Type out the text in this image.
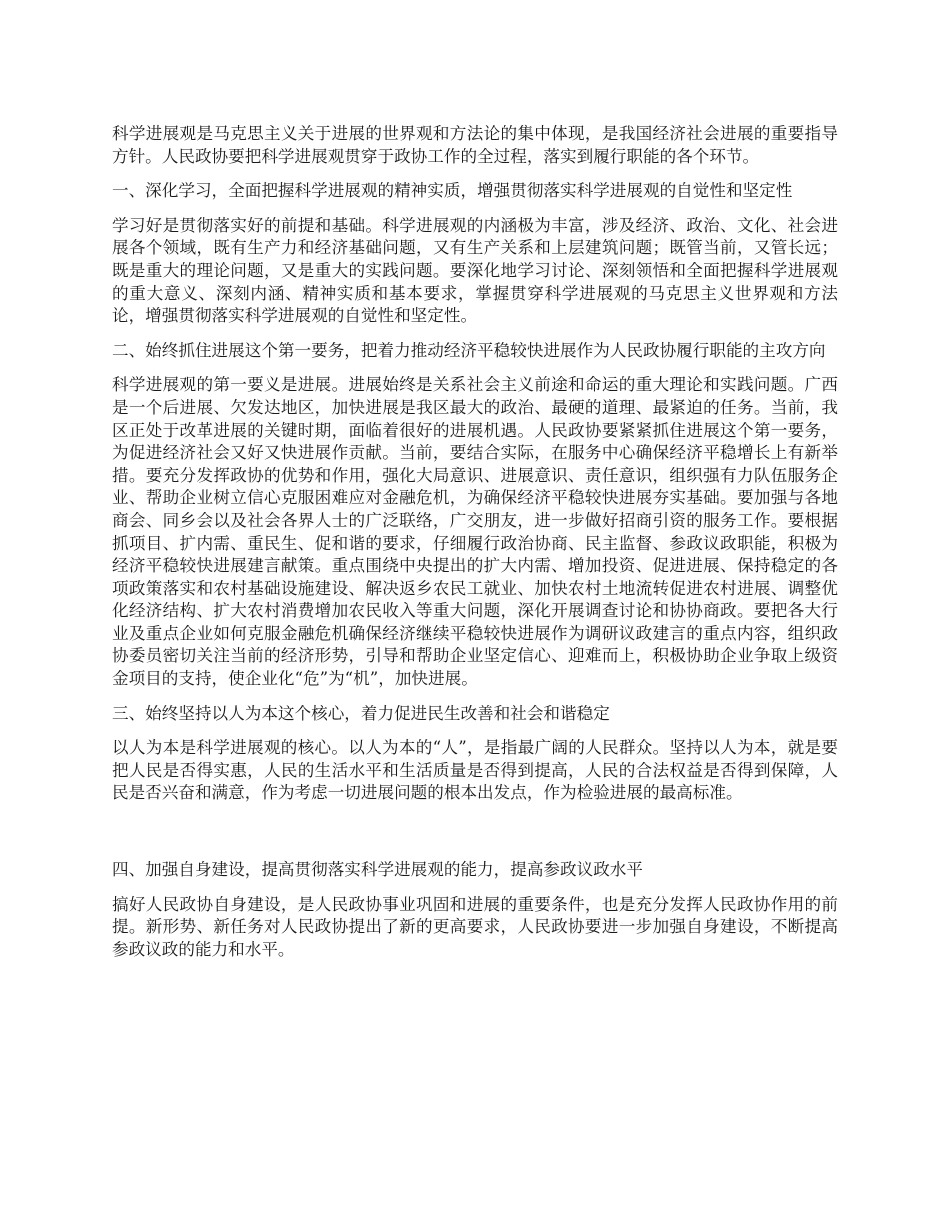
科学进展观是马克思主义关于进展的世界观和方法论的集中体现，是我国经济社会进展的重要指导方针。人民政协要把科学进展观贯穿于政协工作的全过程，落实到履行职能的各个环节。

一、深化学习，全面把握科学进展观的精神实质，增强贯彻落实科学进展观的自觉性和坚定性

学习好是贯彻落实好的前提和基础。科学进展观的内涵极为丰富，涉及经济、政治、文化、社会进展各个领域，既有生产力和经济基础问题，又有生产关系和上层建筑问题；既管当前，又管长远；既是重大的理论问题，又是重大的实践问题。要深化地学习讨论、深刻领悟和全面把握科学进展观的重大意义、深刻内涵、精神实质和基本要求，掌握贯穿科学进展观的马克思主义世界观和方法论，增强贯彻落实科学进展观的自觉性和坚定性。

二、始终抓住进展这个第一要务，把着力推动经济平稳较快进展作为人民政协履行职能的主攻方向

科学进展观的第一要义是进展。进展始终是关系社会主义前途和命运的重大理论和实践问题。广西是一个后进展、欠发达地区，加快进展是我区最大的政治、最硬的道理、最紧迫的任务。当前，我区正处于改革进展的关键时期，面临着很好的进展机遇。人民政协要紧紧抓住进展这个第一要务，为促进经济社会又好又快进展作贡献。当前，要结合实际，在服务中心确保经济平稳增长上有新举措。要充分发挥政协的优势和作用，强化大局意识、进展意识、责任意识，组织强有力队伍服务企业、帮助企业树立信心克服困难应对金融危机，为确保经济平稳较快进展夯实基础。要加强与各地商会、同乡会以及社会各界人士的广泛联络，广交朋友，进一步做好招商引资的服务工作。要根据抓项目、扩内需、重民生、促和谐的要求，仔细履行政治协商、民主监督、参政议政职能，积极为经济平稳较快进展建言献策。重点围绕中央提出的扩大内需、增加投资、促进进展、保持稳定的各项政策落实和农村基础设施建设、解决返乡农民工就业、加快农村土地流转促进农村进展、调整优化经济结构、扩大农村消费增加农民收入等重大问题，深化开展调查讨论和协协商政。要把各大行业及重点企业如何克服金融危机确保经济继续平稳较快进展作为调研议政建言的重点内容，组织政协委员密切关注当前的经济形势，引导和帮助企业坚定信心、迎难而上，积极协助企业争取上级资金项目的支持，使企业化“危”为“机”，加快进展。

三、始终坚持以人为本这个核心，着力促进民生改善和社会和谐稳定

以人为本是科学进展观的核心。以人为本的“人”，是指最广阔的人民群众。坚持以人为本，就是要把人民是否得实惠，人民的生活水平和生活质量是否得到提高，人民的合法权益是否得到保障，人民是否兴奋和满意，作为考虑一切进展问题的根本出发点，作为检验进展的最高标准。

四、加强自身建设，提高贯彻落实科学进展观的能力，提高参政议政水平

搞好人民政协自身建设，是人民政协事业巩固和进展的重要条件，也是充分发挥人民政协作用的前提。新形势、新任务对人民政协提出了新的更高要求，人民政协要进一步加强自身建设，不断提高参政议政的能力和水平。
